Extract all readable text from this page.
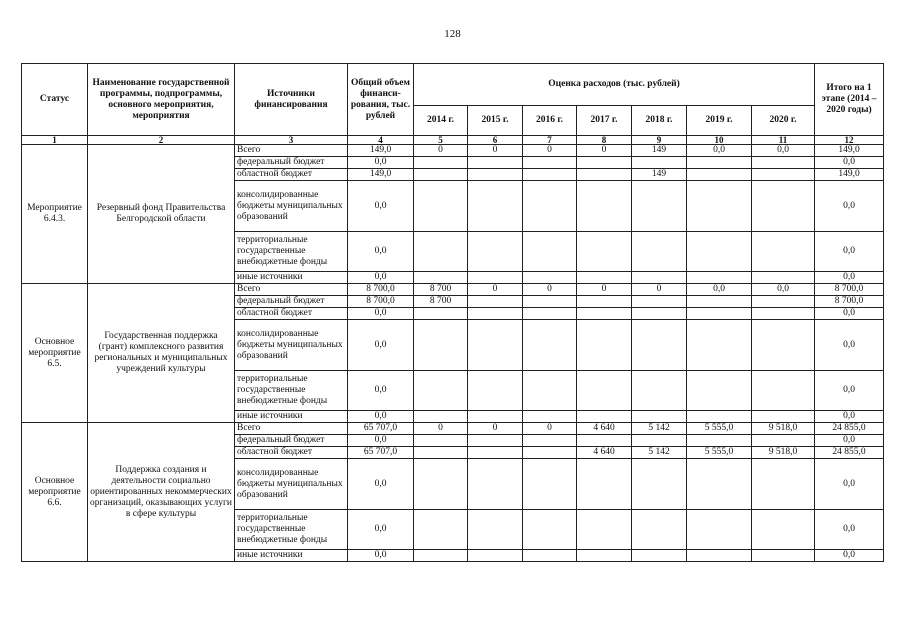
128
Статус	Наименование государственной программы, подпрограммы, основного мероприятия, мероприятия	Источники финансирования	Общий объем финанси-рования, тыс. рублей	Оценка расходов (тыс. рублей)							Итого на 1 этапе (2014 – 2020 годы)
				2014 г.	2015 г.	2016 г.	2017 г.	2018 г.	2019 г.	2020 г.	
1	2	3	4	5	6	7	8	9	10	11	12
Мероприятие 6.4.3.	Резервный фонд Правительства Белгородской области	Всего	149,0	0	0	0	0	149	0,0	0,0	149,0
		федеральный бюджет	0,0								0,0
		областной бюджет	149,0					149			149,0
		консолидированные бюджеты муниципальных образований	0,0								0,0
		территориальные государственные внебюджетные фонды	0,0								0,0
		иные источники	0,0								0,0
Основное мероприятие 6.5.	Государственная поддержка (грант) комплексного развития региональных и муниципальных учреждений культуры	Всего	8 700,0	8 700	0	0	0	0	0,0	0,0	8 700,0
		федеральный бюджет	8 700,0	8 700							8 700,0
		областной бюджет	0,0								0,0
		консолидированные бюджеты муниципальных образований	0,0								0,0
		территориальные государственные внебюджетные фонды	0,0								0,0
		иные источники	0,0								0,0
Основное мероприятие 6.6.	Поддержка создания и деятельности социально ориентированных некоммерческих организаций, оказывающих услуги в сфере культуры	Всего	65 707,0	0	0	0	4 640	5 142	5 555,0	9 518,0	24 855,0
		федеральный бюджет	0,0								0,0
		областной бюджет	65 707,0				4 640	5 142	5 555,0	9 518,0	24 855,0
		консолидированные бюджеты муниципальных образований	0,0								0,0
		территориальные государственные внебюджетные фонды	0,0								0,0
		иные источники	0,0								0,0
